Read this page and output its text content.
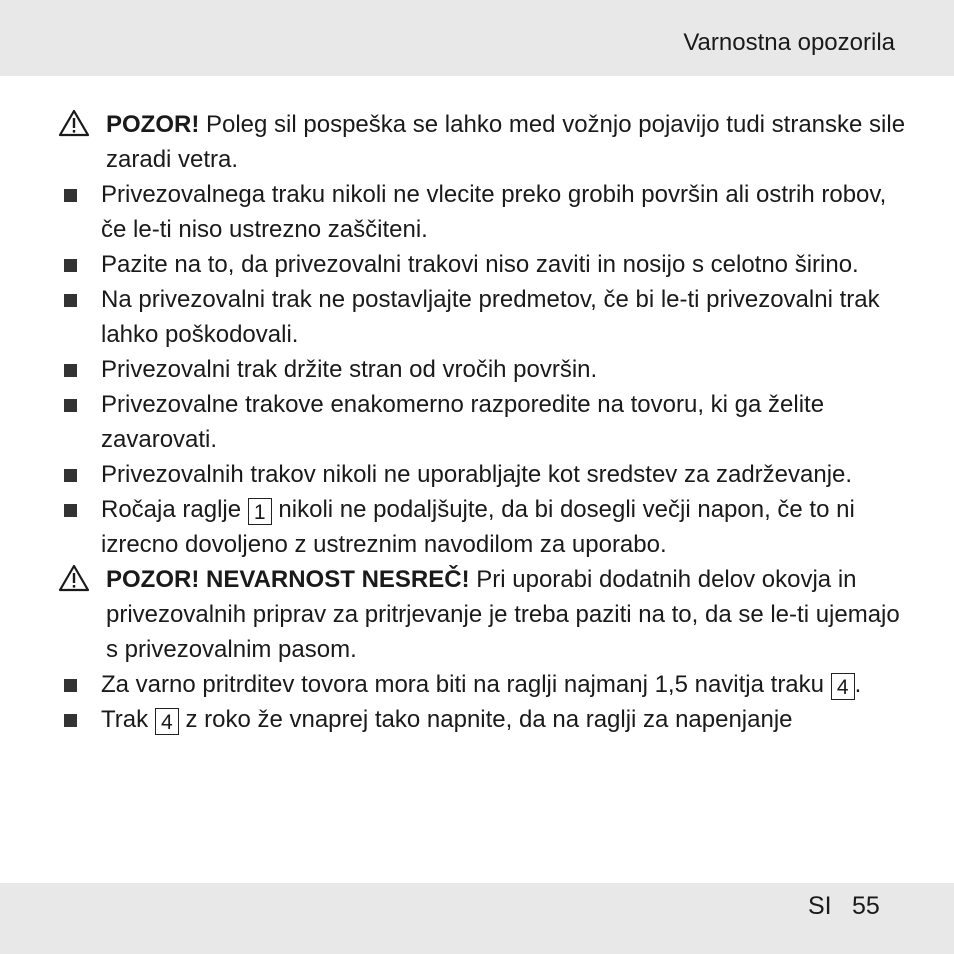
Varnostna opozorila
POZOR! Poleg sil pospeška se lahko med vožnjo pojavijo tudi stranske sile zaradi vetra.
Privezovalnega traku nikoli ne vlecite preko grobih površin ali ostrih robov, če le-ti niso ustrezno zaščiteni.
Pazite na to, da privezovalni trakovi niso zaviti in nosijo s celotno širino.
Na privezovalni trak ne postavljajte predmetov, če bi le-ti privezovalni trak lahko poškodovali.
Privezovalni trak držite stran od vročih površin.
Privezovalne trakove enakomerno razporedite na tovoru, ki ga želite zavarovati.
Privezovalnih trakov nikoli ne uporabljajte kot sredstev za zadrževanje.
Ročaja raglje 1 nikoli ne podaljšujte, da bi dosegli večji napon, če to ni izrecno dovoljeno z ustreznim navodilom za uporabo.
POZOR! NEVARNOST NESREČ! Pri uporabi dodatnih delov okovja in privezovalnih priprav za pritrjevanje je treba paziti na to, da se le-ti ujemajo s privezovalnim pasom.
Za varno pritrditev tovora mora biti na raglji najmanj 1,5 navitja traku 4 .
Trak 4 z roko že vnaprej tako napnite, da na raglji za napenjanje
SI 55
